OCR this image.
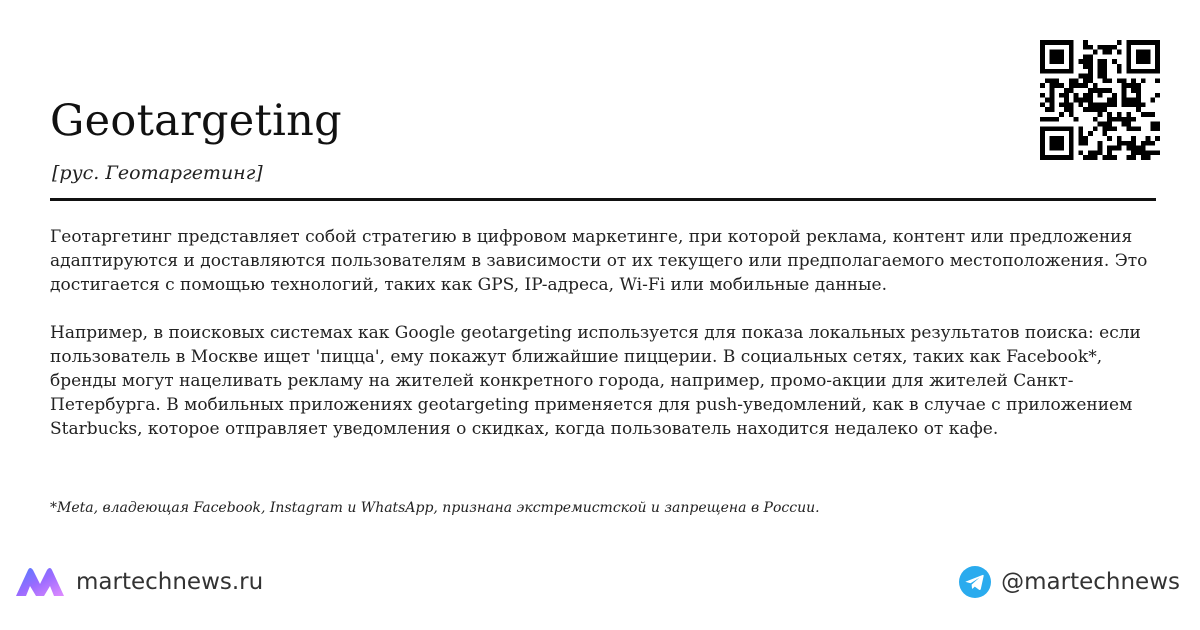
Geotargeting
[рус. Геотаргетинг]

Геотаргетинг представляет собой стратегию в цифровом маркетинге, при которой реклама, контент или предложения адаптируются и доставляются пользователям в зависимости от их текущего или предполагаемого местоположения. Это достигается с помощью технологий, таких как GPS, IP-адреса, Wi-Fi или мобильные данные.

Например, в поисковых системах как Google geotargeting используется для показа локальных результатов поиска: если пользователь в Москве ищет 'пицца', ему покажут ближайшие пиццерии. В социальных сетях, таких как Facebook*, бренды могут нацеливать рекламу на жителей конкретного города, например, промо-акции для жителей Санкт-Петербурга. В мобильных приложениях geotargeting применяется для push-уведомлений, как в случае с приложением Starbucks, которое отправляет уведомления о скидках, когда пользователь находится недалеко от кафе.

*Meta, владеющая Facebook, Instagram и WhatsApp, признана экстремистской и запрещена в России.
martechnews.ru	@martechnews
